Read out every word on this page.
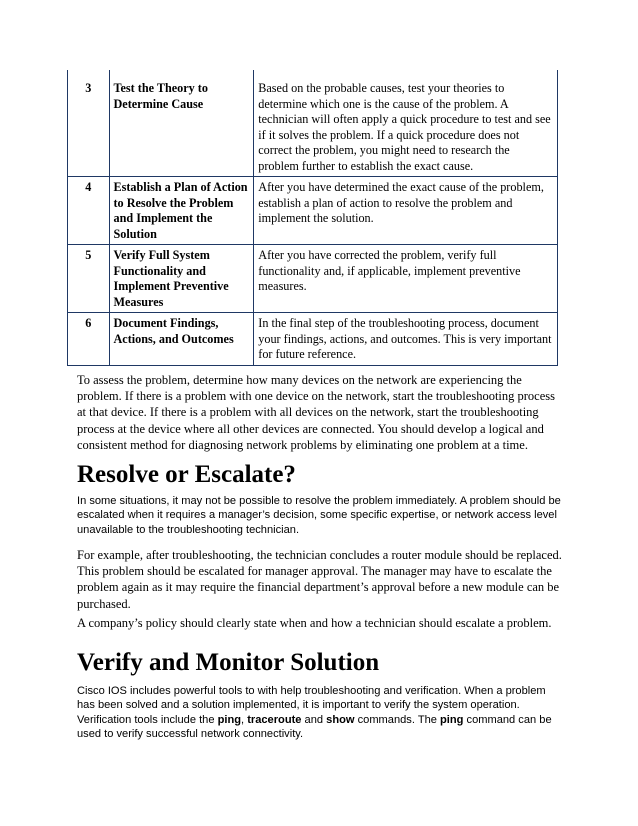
3	Test the Theory to Determine Cause	Based on the probable causes, test your theories to determine which one is the cause of the problem. A technician will often apply a quick procedure to test and see if it solves the problem. If a quick procedure does not correct the problem, you might need to research the problem further to establish the exact cause.
4	Establish a Plan of Action to Resolve the Problem and Implement the Solution	After you have determined the exact cause of the problem, establish a plan of action to resolve the problem and implement the solution.
5	Verify Full System Functionality and Implement Preventive Measures	After you have corrected the problem, verify full functionality and, if applicable, implement preventive measures.
6	Document Findings, Actions, and Outcomes	In the final step of the troubleshooting process, document your findings, actions, and outcomes. This is very important for future reference.

To assess the problem, determine how many devices on the network are experiencing the problem. If there is a problem with one device on the network, start the troubleshooting process at that device. If there is a problem with all devices on the network, start the troubleshooting process at the device where all other devices are connected. You should develop a logical and consistent method for diagnosing network problems by eliminating one problem at a time.

Resolve or Escalate?

In some situations, it may not be possible to resolve the problem immediately. A problem should be escalated when it requires a manager’s decision, some specific expertise, or network access level unavailable to the troubleshooting technician.

For example, after troubleshooting, the technician concludes a router module should be replaced. This problem should be escalated for manager approval. The manager may have to escalate the problem again as it may require the financial department’s approval before a new module can be purchased.

A company’s policy should clearly state when and how a technician should escalate a problem.

Verify and Monitor Solution

Cisco IOS includes powerful tools to with help troubleshooting and verification. When a problem has been solved and a solution implemented, it is important to verify the system operation. Verification tools include the ping, traceroute and show commands. The ping command can be used to verify successful network connectivity.
